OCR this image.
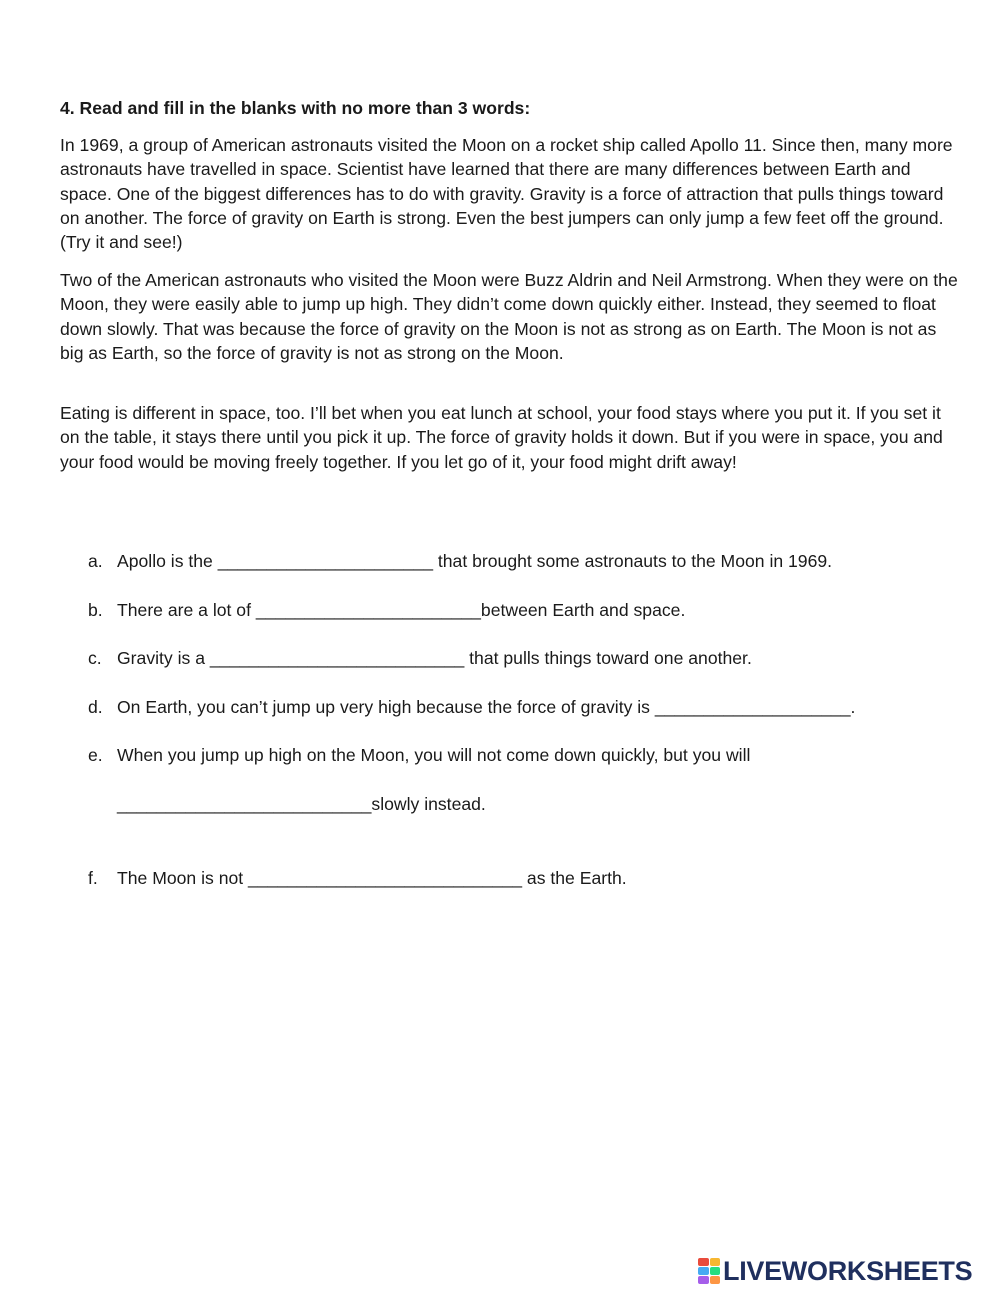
4. Read and fill in the blanks with no more than 3 words:

In 1969, a group of American astronauts visited the Moon on a rocket ship called Apollo 11. Since then, many more astronauts have travelled in space. Scientist have learned that there are many differences between Earth and space. One of the biggest differences has to do with gravity. Gravity is a force of attraction that pulls things toward on another. The force of gravity on Earth is strong. Even the best jumpers can only jump a few feet off the ground. (Try it and see!)

Two of the American astronauts who visited the Moon were Buzz Aldrin and Neil Armstrong. When they were on the Moon, they were easily able to jump up high. They didn’t come down quickly either. Instead, they seemed to float down slowly. That was because the force of gravity on the Moon is not as strong as on Earth. The Moon is not as big as Earth, so the force of gravity is not as strong on the Moon.

Eating is different in space, too. I’ll bet when you eat lunch at school, your food stays where you put it. If you set it on the table, it stays there until you pick it up. The force of gravity holds it down. But if you were in space, you and your food would be moving freely together. If you let go of it, your food might drift away!

a. Apollo is the ______________________ that brought some astronauts to the Moon in 1969.
b. There are a lot of _______________________between Earth and space.
c. Gravity is a __________________________ that pulls things toward one another.
d. On Earth, you can’t jump up very high because the force of gravity is ____________________.
e. When you jump up high on the Moon, you will not come down quickly, but you will
__________________________slowly instead.
f. The Moon is not ____________________________ as the Earth.
LIVEWORKSHEETS
